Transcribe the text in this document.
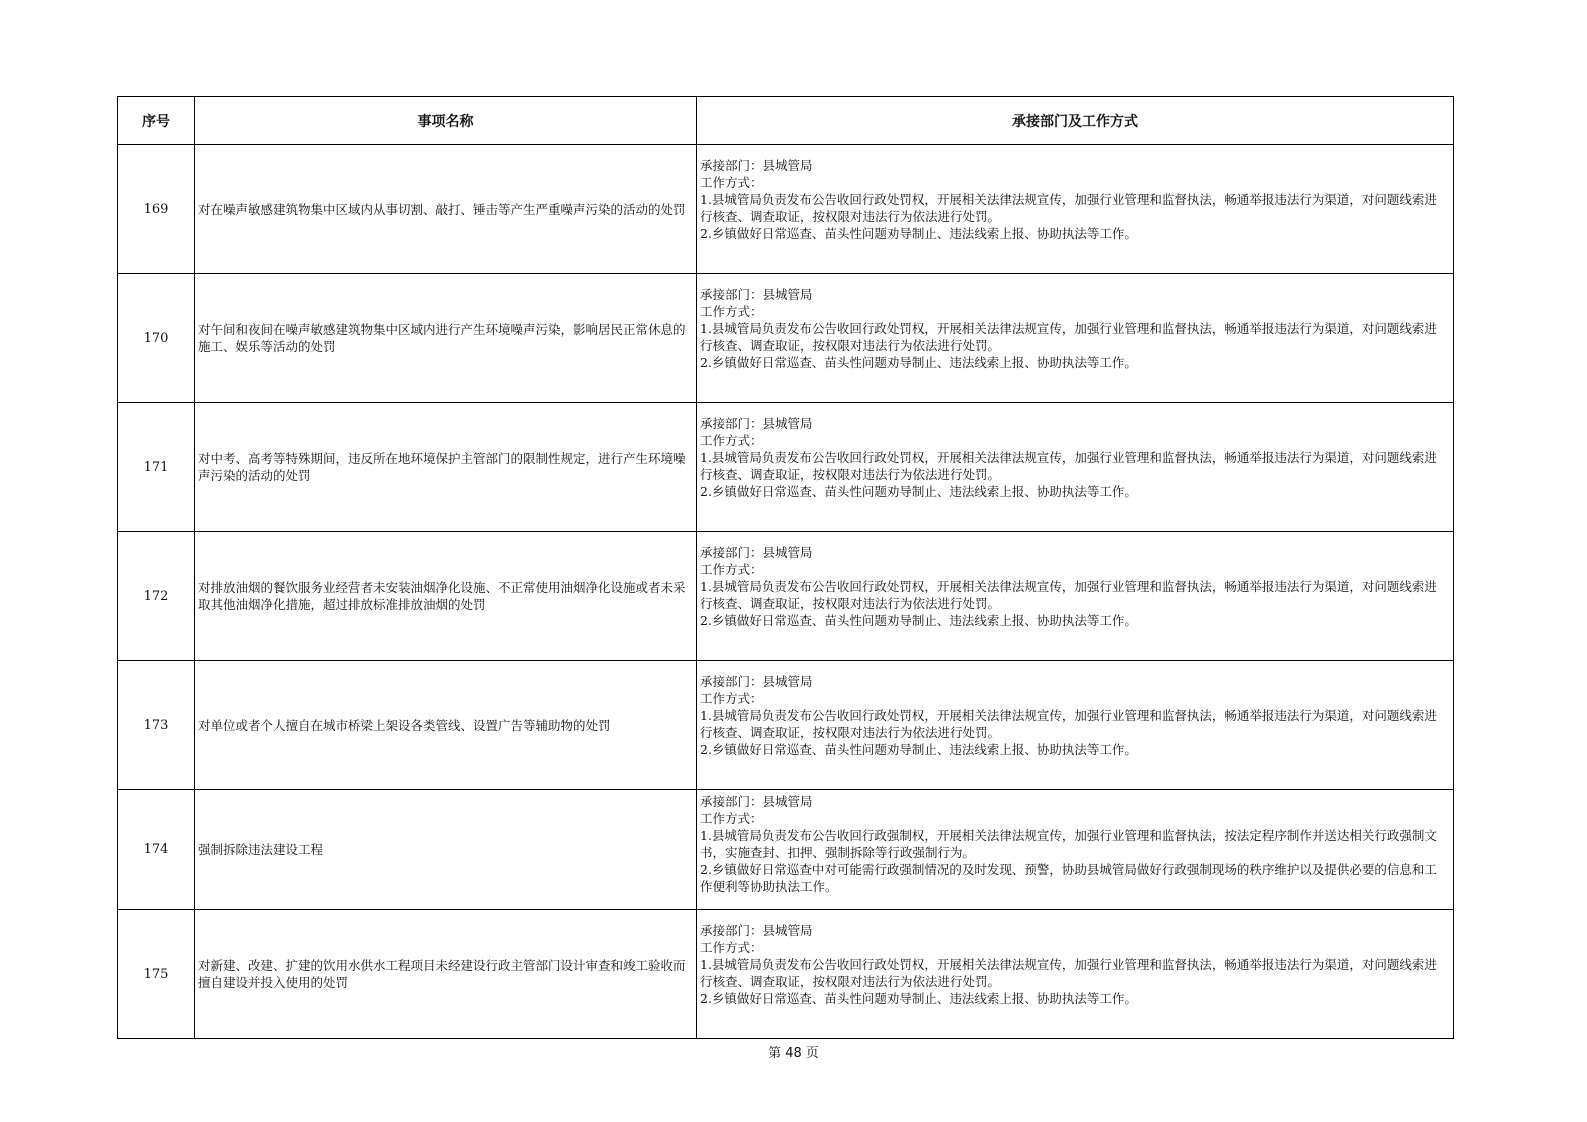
序号	事项名称	承接部门及工作方式
169	对在噪声敏感建筑物集中区域内从事切割、敲打、锤击等产生严重噪声污染的活动的处罚	承接部门：县城管局
工作方式：
1.县城管局负责发布公告收回行政处罚权，开展相关法律法规宣传，加强行业管理和监督执法，畅通举报违法行为渠道，对问题线索进行核查、调查取证，按权限对违法行为依法进行处罚。
2.乡镇做好日常巡查、苗头性问题劝导制止、违法线索上报、协助执法等工作。

170	对午间和夜间在噪声敏感建筑物集中区域内进行产生环境噪声污染，影响居民正常休息的施工、娱乐等活动的处罚	承接部门：县城管局
工作方式：
1.县城管局负责发布公告收回行政处罚权，开展相关法律法规宣传，加强行业管理和监督执法，畅通举报违法行为渠道，对问题线索进行核查、调查取证，按权限对违法行为依法进行处罚。
2.乡镇做好日常巡查、苗头性问题劝导制止、违法线索上报、协助执法等工作。

171	对中考、高考等特殊期间，违反所在地环境保护主管部门的限制性规定，进行产生环境噪声污染的活动的处罚	承接部门：县城管局
工作方式：
1.县城管局负责发布公告收回行政处罚权，开展相关法律法规宣传，加强行业管理和监督执法，畅通举报违法行为渠道，对问题线索进行核查、调查取证，按权限对违法行为依法进行处罚。
2.乡镇做好日常巡查、苗头性问题劝导制止、违法线索上报、协助执法等工作。

172	对排放油烟的餐饮服务业经营者未安装油烟净化设施、不正常使用油烟净化设施或者未采取其他油烟净化措施，超过排放标准排放油烟的处罚	承接部门：县城管局
工作方式：
1.县城管局负责发布公告收回行政处罚权，开展相关法律法规宣传，加强行业管理和监督执法，畅通举报违法行为渠道，对问题线索进行核查、调查取证，按权限对违法行为依法进行处罚。
2.乡镇做好日常巡查、苗头性问题劝导制止、违法线索上报、协助执法等工作。

173	对单位或者个人擅自在城市桥梁上架设各类管线、设置广告等辅助物的处罚	承接部门：县城管局
工作方式：
1.县城管局负责发布公告收回行政处罚权，开展相关法律法规宣传，加强行业管理和监督执法，畅通举报违法行为渠道，对问题线索进行核查、调查取证，按权限对违法行为依法进行处罚。
2.乡镇做好日常巡查、苗头性问题劝导制止、违法线索上报、协助执法等工作。

174	强制拆除违法建设工程	承接部门：县城管局
工作方式：
1.县城管局负责发布公告收回行政强制权，开展相关法律法规宣传，加强行业管理和监督执法，按法定程序制作并送达相关行政强制文书，实施查封、扣押、强制拆除等行政强制行为。
2.乡镇做好日常巡查中对可能需行政强制情况的及时发现、预警，协助县城管局做好行政强制现场的秩序维护以及提供必要的信息和工作便利等协助执法工作。

175	对新建、改建、扩建的饮用水供水工程项目未经建设行政主管部门设计审查和竣工验收而擅自建设并投入使用的处罚	承接部门：县城管局
工作方式：
1.县城管局负责发布公告收回行政处罚权，开展相关法律法规宣传，加强行业管理和监督执法，畅通举报违法行为渠道，对问题线索进行核查、调查取证，按权限对违法行为依法进行处罚。
2.乡镇做好日常巡查、苗头性问题劝导制止、违法线索上报、协助执法等工作。
第 48 页
